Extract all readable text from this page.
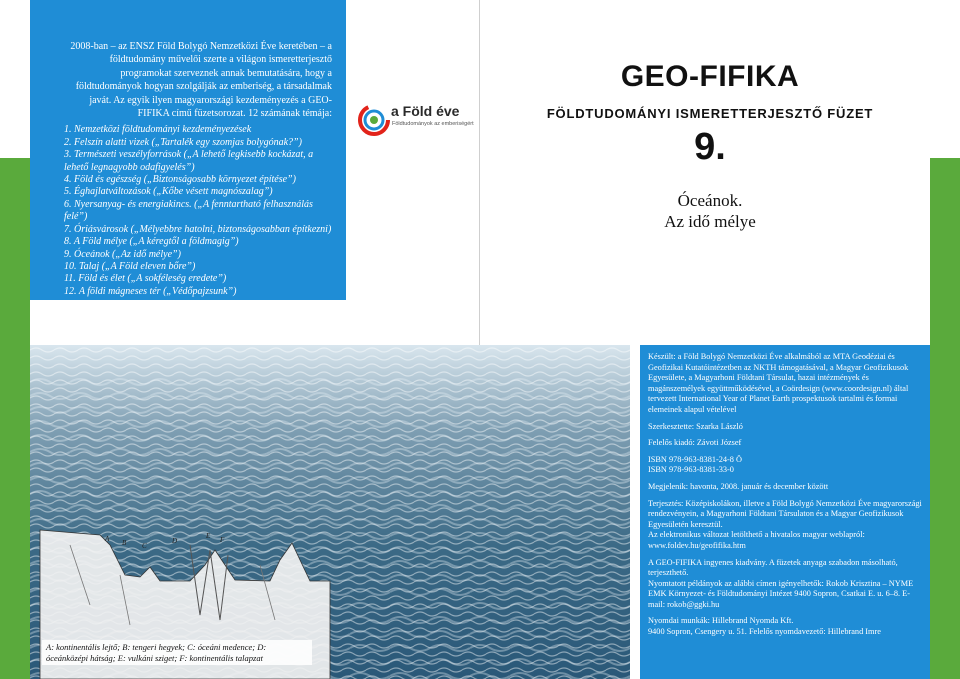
2008-ban – az ENSZ Föld Bolygó Nemzetközi Éve keretében – a földtudomány művelői szerte a világon ismeretterjesztő programokat szerveznek annak bemutatására, hogy a földtudományok hogyan szolgálják az emberiség, a társadalmak javát. Az egyik ilyen magyarországi kezdeményezés a GEO-FIFIKA című füzetsorozat. 12 számának témája:

1. Nemzetközi földtudományi kezdeményezések
2. Felszín alatti vizek („Tartalék egy szomjas bolygónak?”)
3. Természeti veszélyforrások („A lehető legkisebb kockázat, a lehető legnagyobb odafigyelés”)
4. Föld és egészség („Biztonságosabb környezet építése”)
5. Éghajlatváltozások („Kőbe vésett magnószalag”)
6. Nyersanyag- és energiakincs. („A fenntartható felhasználás felé”)
7. Óriásvárosok („Mélyebbre hatolni, biztonságosabban építkezni)
8. A Föld mélye („A kéregtől a földmagig”)
9. Óceánok („Az idő mélye”)
10. Talaj („A Föld eleven bőre”)
11. Föld és élet („A sokféleség eredete”)
12. A földi mágneses tér („Védőpajzsunk”)
a Föld éve
Földtudományok az emberiségért
GEO-FIFIKA
FÖLDTUDOMÁNYI ISMERETTERJESZTŐ FÜZET
9.
Óceánok.
Az idő mélye
A B C
D
E F
A: kontinentális lejtő; B: tengeri hegyek; C: óceáni medence; D: óceánközépi hátság; E: vulkáni sziget; F: kontinentális talapzat

Készült: a Föld Bolygó Nemzetközi Éve alkalmából az MTA Geodéziai és Geofizikai Kutatóintézetben az NKTH támogatásával, a Magyar Geofizikusok Egyesülete, a Magyarhoni Földtani Társulat, hazai intézmények és magánszemélyek együttműködésével, a Coördesign (www.coordesign.nl) által tervezett International Year of Planet Earth prospektusok tartalmi és formai elemeinek alapul vételével

Szerkesztette: Szarka László

Felelős kiadó: Závoti József

ISBN 978-963-8381-24-8 Ö
ISBN 978-963-8381-33-0

Megjelenik: havonta, 2008. január és december között

Terjesztés: Középiskolákon, illetve a Föld Bolygó Nemzetközi Éve magyarországi rendezvényein, a Magyarhoni Földtani Társulaton és a Magyar Geofizikusok Egyesületén keresztül.
Az elektronikus változat letölthető a hivatalos magyar weblapról: www.foldev.hu/geofifika.htm

A GEO-FIFIKA ingyenes kiadvány. A füzetek anyaga szabadon másolható, terjeszthető.
Nyomtatott példányok az alábbi címen igényelhetők: Rokob Krisztina – NYME EMK Környezet- és Földtudományi Intézet 9400 Sopron, Csatkai E. u. 6–8. E-mail: rokob@ggki.hu

Nyomdai munkák: Hillebrand Nyomda Kft.
9400 Sopron, Csengery u. 51. Felelős nyomdavezető: Hillebrand Imre
